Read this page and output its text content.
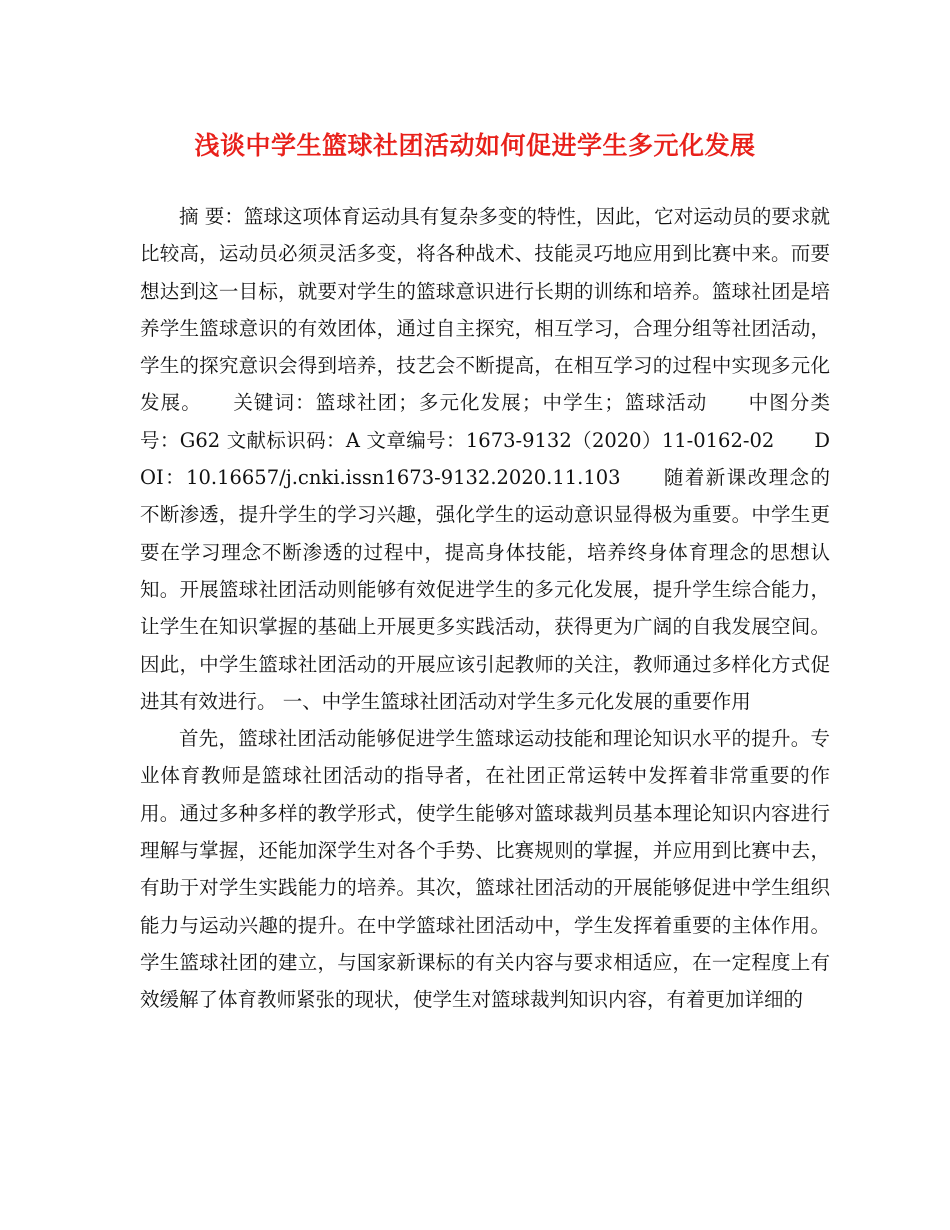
浅谈中学生篮球社团活动如何促进学生多元化发展

摘 要：篮球这项体育运动具有复杂多变的特性，因此，它对运动员的要求就比较高，运动员必须灵活多变，将各种战术、技能灵巧地应用到比赛中来。而要想达到这一目标，就要对学生的篮球意识进行长期的训练和培养。篮球社团是培养学生篮球意识的有效团体，通过自主探究，相互学习，合理分组等社团活动，学生的探究意识会得到培养，技艺会不断提高，在相互学习的过程中实现多元化发展。　　关键词：篮球社团；多元化发展；中学生；篮球活动　　中图分类号：G62 文献标识码：A 文章编号：1673-9132（2020）11-0162-02　　DOI：10.16657/j.cnki.issn1673-9132.2020.11.103　　随着新课改理念的不断渗透，提升学生的学习兴趣，强化学生的运动意识显得极为重要。中学生更要在学习理念不断渗透的过程中，提高身体技能，培养终身体育理念的思想认知。开展篮球社团活动则能够有效促进学生的多元化发展，提升学生综合能力，让学生在知识掌握的基础上开展更多实践活动，获得更为广阔的自我发展空间。因此，中学生篮球社团活动的开展应该引起教师的关注，教师通过多样化方式促进其有效进行。 一、中学生篮球社团活动对学生多元化发展的重要作用

首先，篮球社团活动能够促进学生篮球运动技能和理论知识水平的提升。专业体育教师是篮球社团活动的指导者，在社团正常运转中发挥着非常重要的作用。通过多种多样的教学形式，使学生能够对篮球裁判员基本理论知识内容进行理解与掌握，还能加深学生对各个手势、比赛规则的掌握，并应用到比赛中去，有助于对学生实践能力的培养。其次，篮球社团活动的开展能够促进中学生组织能力与运动兴趣的提升。在中学篮球社团活动中，学生发挥着重要的主体作用。学生篮球社团的建立，与国家新课标的有关内容与要求相适应，在一定程度上有效缓解了体育教师紧张的现状，使学生对篮球裁判知识内容，有着更加详细的
